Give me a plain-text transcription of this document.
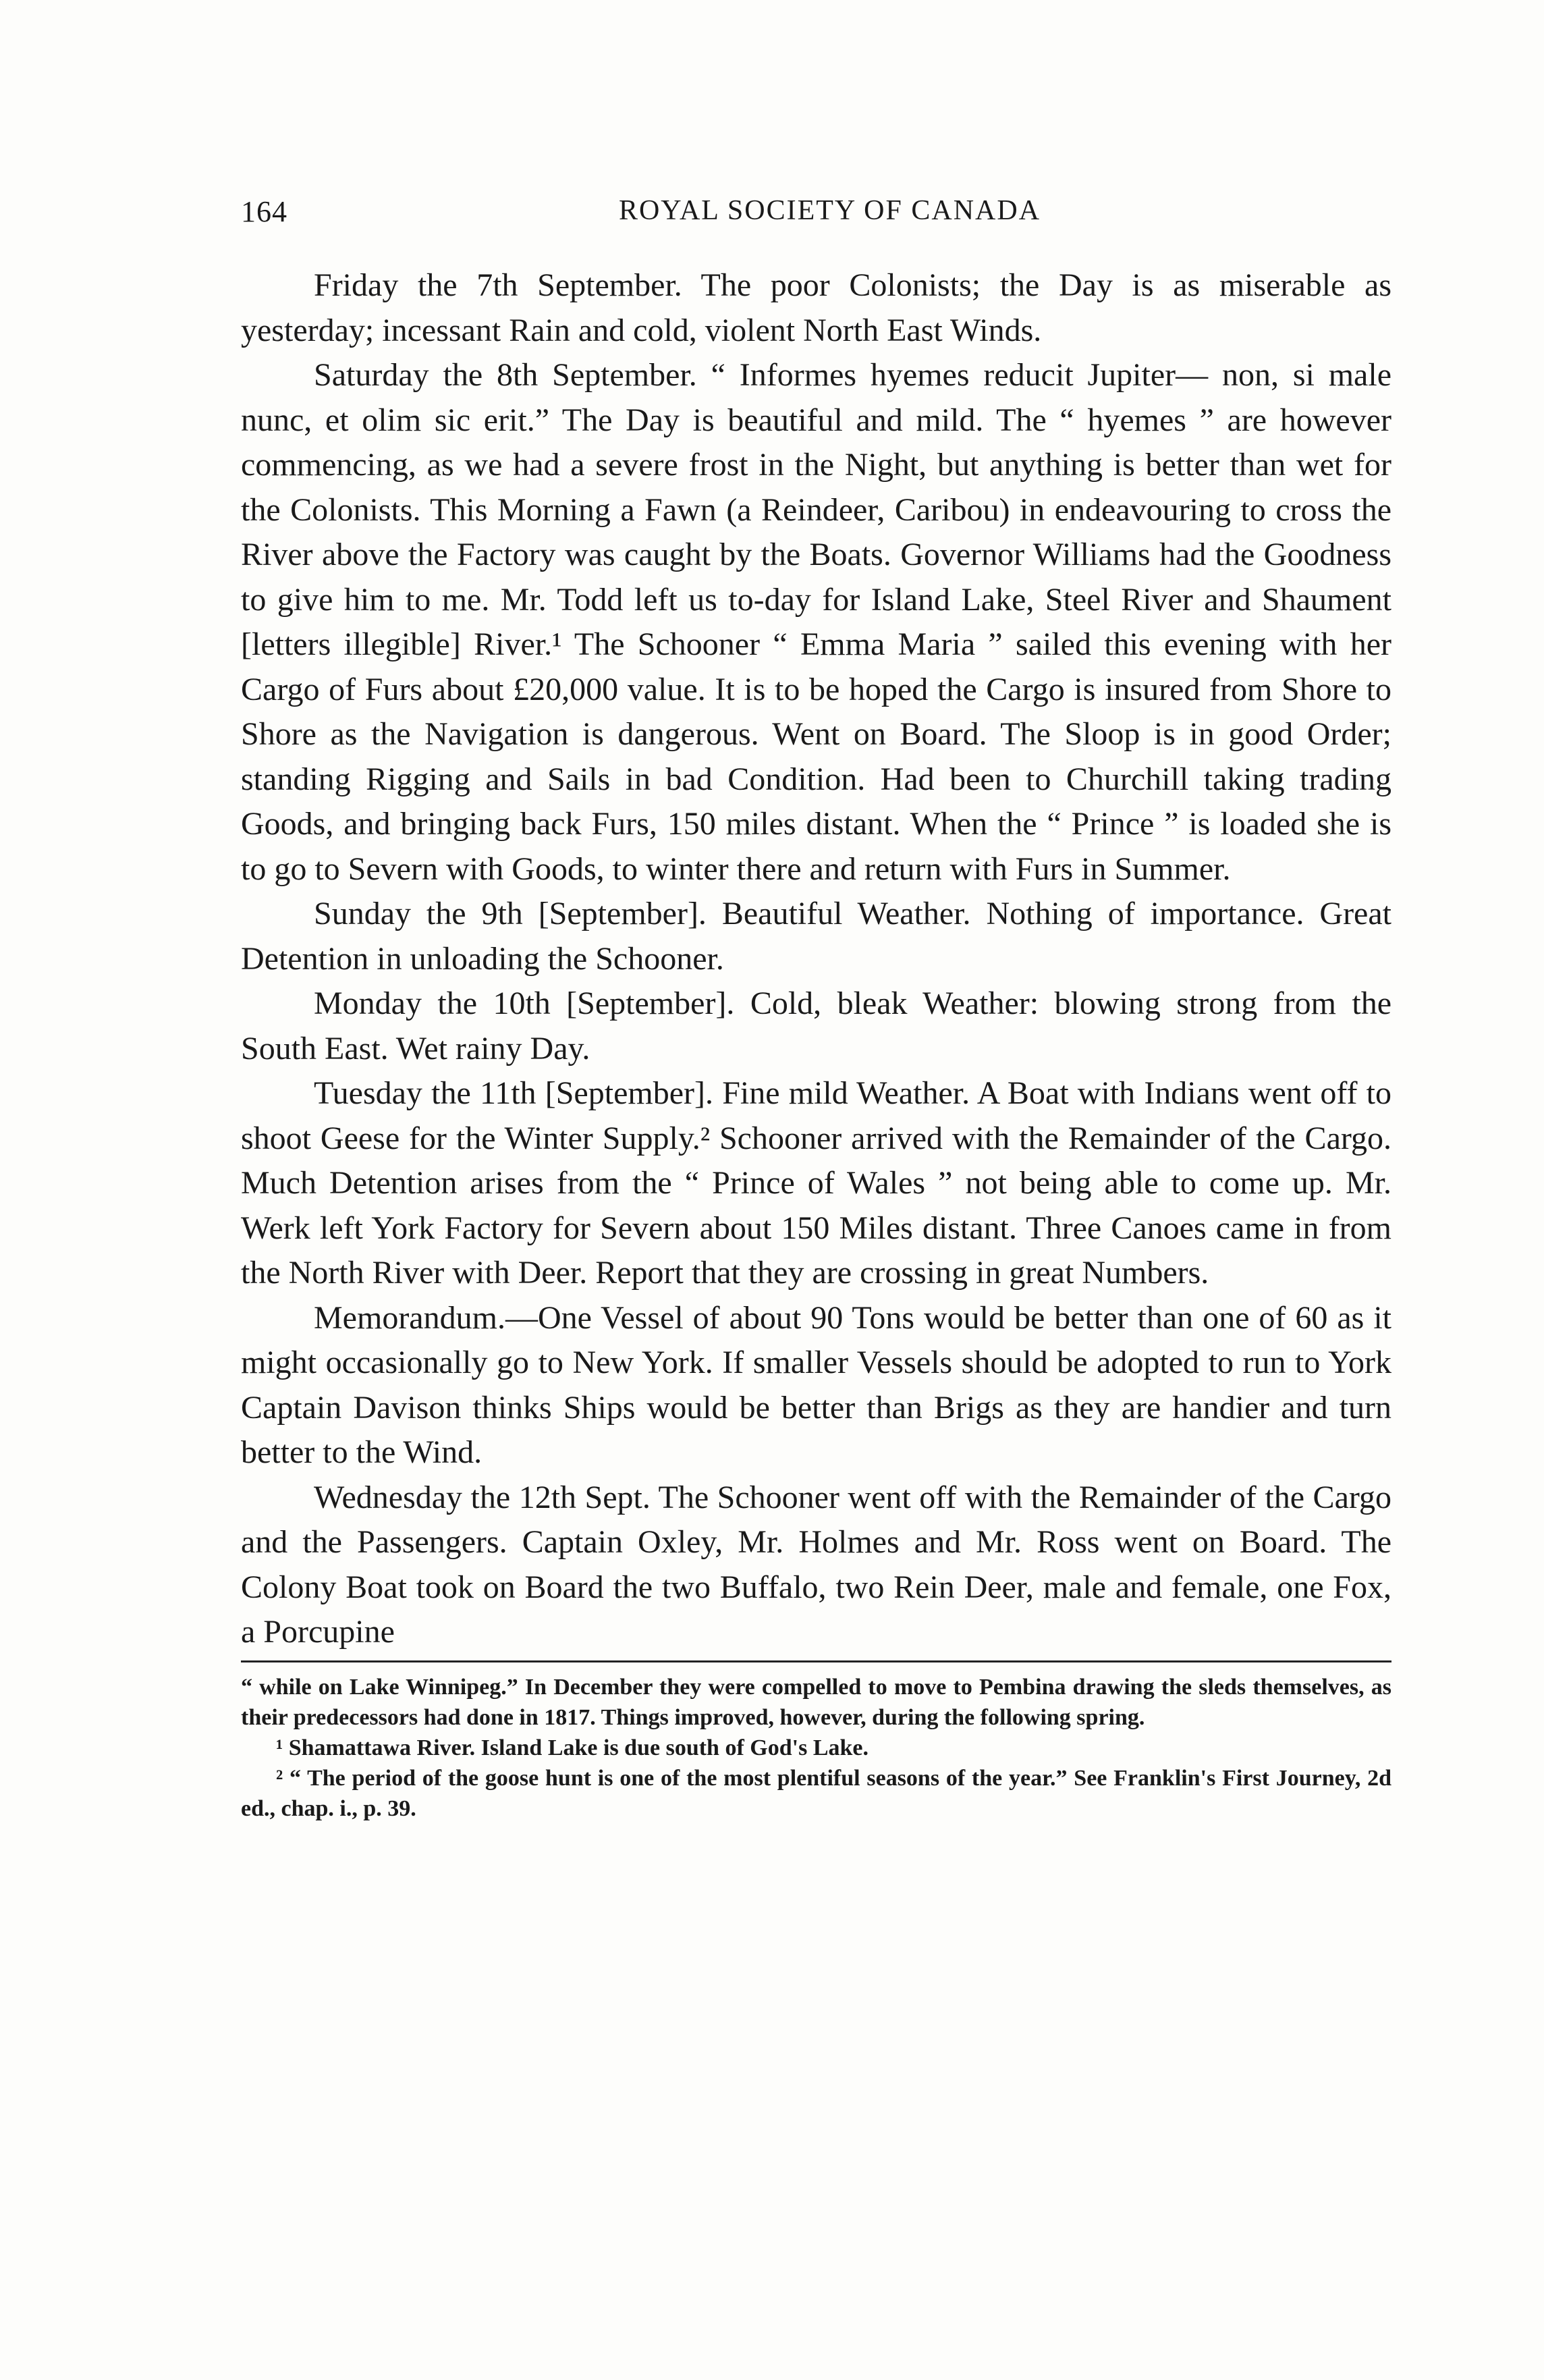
164	ROYAL SOCIETY OF CANADA

Friday the 7th September. The poor Colonists; the Day is as miserable as yesterday; incessant Rain and cold, violent North East Winds.

Saturday the 8th September. “ Informes hyemes reducit Jupiter— non, si male nunc, et olim sic erit.” The Day is beautiful and mild. The “ hyemes ” are however commencing, as we had a severe frost in the Night, but anything is better than wet for the Colonists. This Morning a Fawn (a Reindeer, Caribou) in endeavouring to cross the River above the Factory was caught by the Boats. Governor Williams had the Goodness to give him to me. Mr. Todd left us to-day for Island Lake, Steel River and Shaument [letters illegible] River.¹ The Schooner “ Emma Maria ” sailed this evening with her Cargo of Furs about £20,000 value. It is to be hoped the Cargo is insured from Shore to Shore as the Navigation is dangerous. Went on Board. The Sloop is in good Order; standing Rigging and Sails in bad Condition. Had been to Churchill taking trading Goods, and bringing back Furs, 150 miles distant. When the “ Prince ” is loaded she is to go to Severn with Goods, to winter there and return with Furs in Summer.

Sunday the 9th [September]. Beautiful Weather. Nothing of importance. Great Detention in unloading the Schooner.

Monday the 10th [September]. Cold, bleak Weather: blowing strong from the South East. Wet rainy Day.

Tuesday the 11th [September]. Fine mild Weather. A Boat with Indians went off to shoot Geese for the Winter Supply.² Schooner arrived with the Remainder of the Cargo. Much Detention arises from the “ Prince of Wales ” not being able to come up. Mr. Werk left York Factory for Severn about 150 Miles distant. Three Canoes came in from the North River with Deer. Report that they are crossing in great Numbers.

Memorandum.—One Vessel of about 90 Tons would be better than one of 60 as it might occasionally go to New York. If smaller Vessels should be adopted to run to York Captain Davison thinks Ships would be better than Brigs as they are handier and turn better to the Wind.

Wednesday the 12th Sept. The Schooner went off with the Remainder of the Cargo and the Passengers. Captain Oxley, Mr. Holmes and Mr. Ross went on Board. The Colony Boat took on Board the two Buffalo, two Rein Deer, male and female, one Fox, a Porcupine

“ while on Lake Winnipeg.” In December they were compelled to move to Pembina drawing the sleds themselves, as their predecessors had done in 1817. Things improved, however, during the following spring.

¹ Shamattawa River. Island Lake is due south of God's Lake.

² “ The period of the goose hunt is one of the most plentiful seasons of the year.” See Franklin's First Journey, 2d ed., chap. i., p. 39.
